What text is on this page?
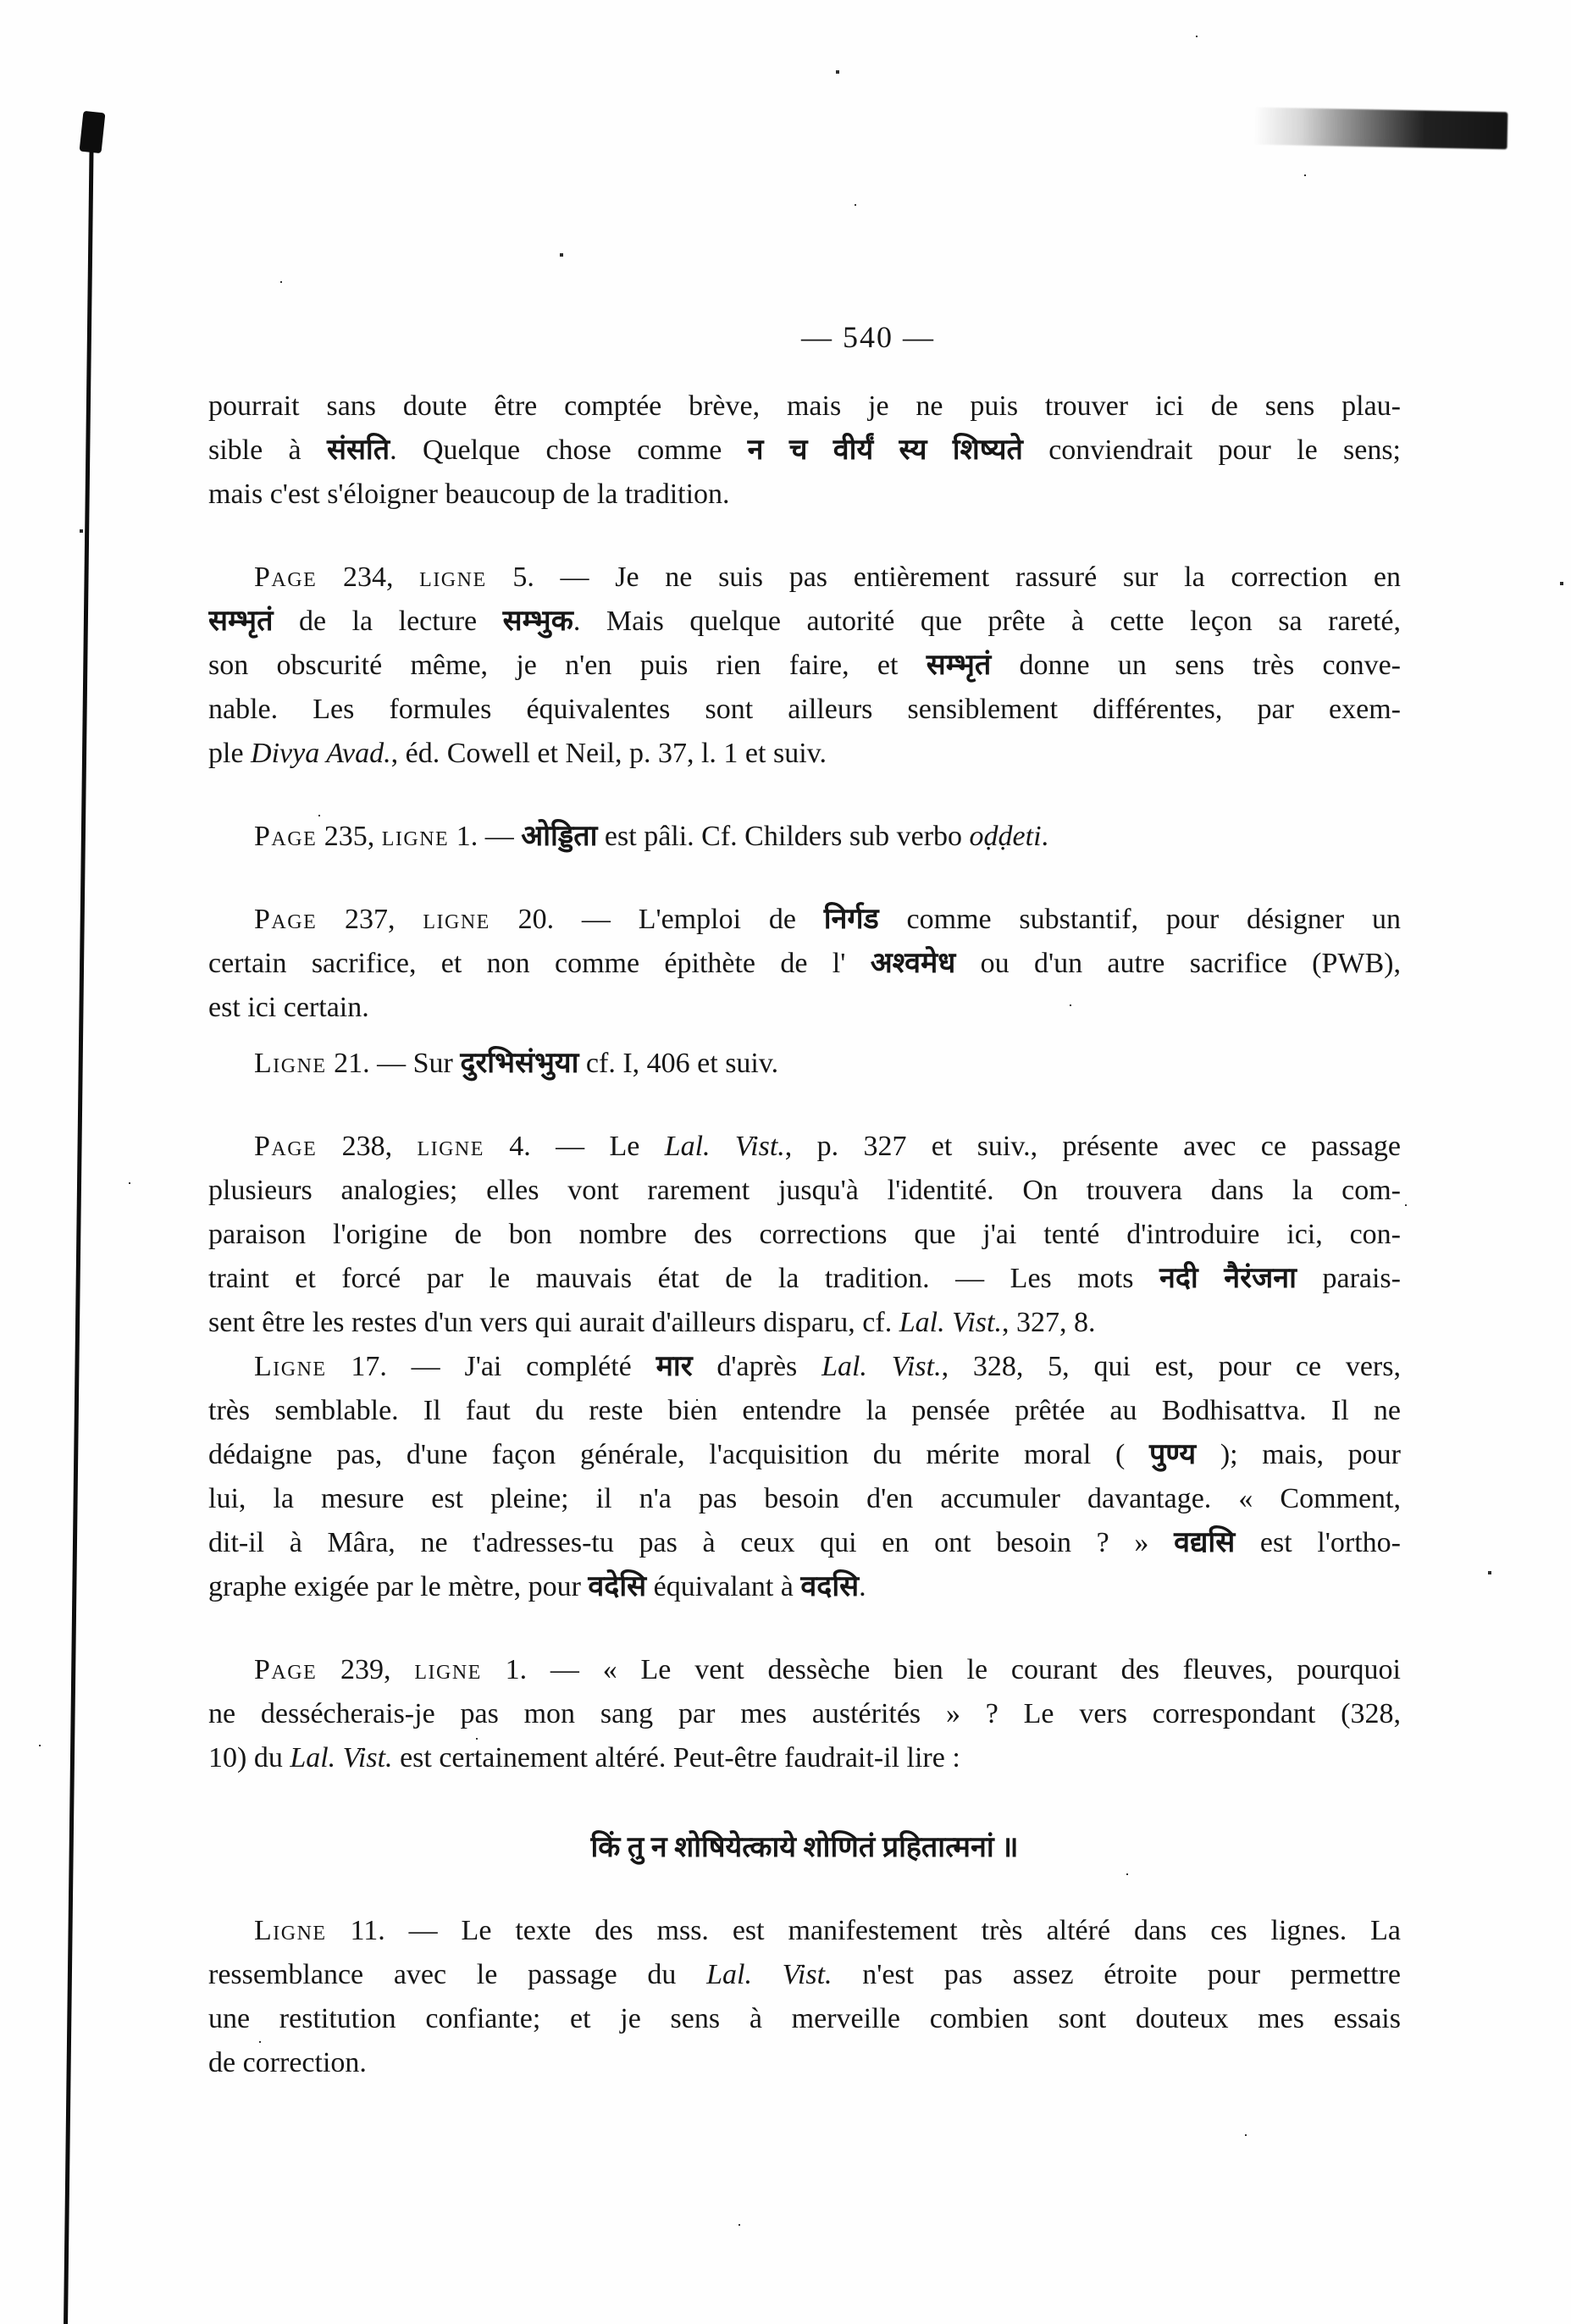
— 540 —
pourrait sans doute être comptée brève, mais je ne puis trouver ici de sens plau-
sible à संसति. Quelque chose comme न च वीर्यं स्य शिष्यते conviendrait pour le sens;
mais c'est s'éloigner beaucoup de la tradition.
Page 234, ligne 5. — Je ne suis pas entièrement rassuré sur la correction en
सम्भृतं de la lecture सम्भुक. Mais quelque autorité que prête à cette leçon sa rareté,
son obscurité même, je n'en puis rien faire, et सम्भृतं donne un sens très conve-
nable. Les formules équivalentes sont ailleurs sensiblement différentes, par exem-
ple Divya Avad., éd. Cowell et Neil, p. 37, l. 1 et suiv.
Page 235, ligne 1. — ओड्डिता est pâli. Cf. Childers sub verbo oḍḍeti.
Page 237, ligne 20. — L'emploi de निर्गड comme substantif, pour désigner un
certain sacrifice, et non comme épithète de l' अश्वमेध ou d'un autre sacrifice (PWB),
est ici certain.
Ligne 21. — Sur दुरभिसंभुया cf. I, 406 et suiv.
Page 238, ligne 4. — Le Lal. Vist., p. 327 et suiv., présente avec ce passage
plusieurs analogies; elles vont rarement jusqu'à l'identité. On trouvera dans la com-
paraison l'origine de bon nombre des corrections que j'ai tenté d'introduire ici, con-
traint et forcé par le mauvais état de la tradition. — Les mots नदी नैरंजना parais-
sent être les restes d'un vers qui aurait d'ailleurs disparu, cf. Lal. Vist., 327, 8.
Ligne 17. — J'ai complété मार d'après Lal. Vist., 328, 5, qui est, pour ce vers,
très semblable. Il faut du reste bien entendre la pensée prêtée au Bodhisattva. Il ne
dédaigne pas, d'une façon générale, l'acquisition du mérite moral ( पुण्य ); mais, pour
lui, la mesure est pleine; il n'a pas besoin d'en accumuler davantage. « Comment,
dit-il à Mâra, ne t'adresses-tu pas à ceux qui en ont besoin ? » वद्यसि est l'ortho-
graphe exigée par le mètre, pour वदेसि équivalant à वदसि.
Page 239, ligne 1. — « Le vent dessèche bien le courant des fleuves, pourquoi
ne dessécherais-je pas mon sang par mes austérités » ? Le vers correspondant (328,
10) du Lal. Vist. est certainement altéré. Peut-être faudrait-il lire :
किं तु न शोषियेत्काये शोणितं प्रहितात्मनां ॥
Ligne 11. — Le texte des mss. est manifestement très altéré dans ces lignes. La
ressemblance avec le passage du Lal. Vist. n'est pas assez étroite pour permettre
une restitution confiante; et je sens à merveille combien sont douteux mes essais
de correction.
